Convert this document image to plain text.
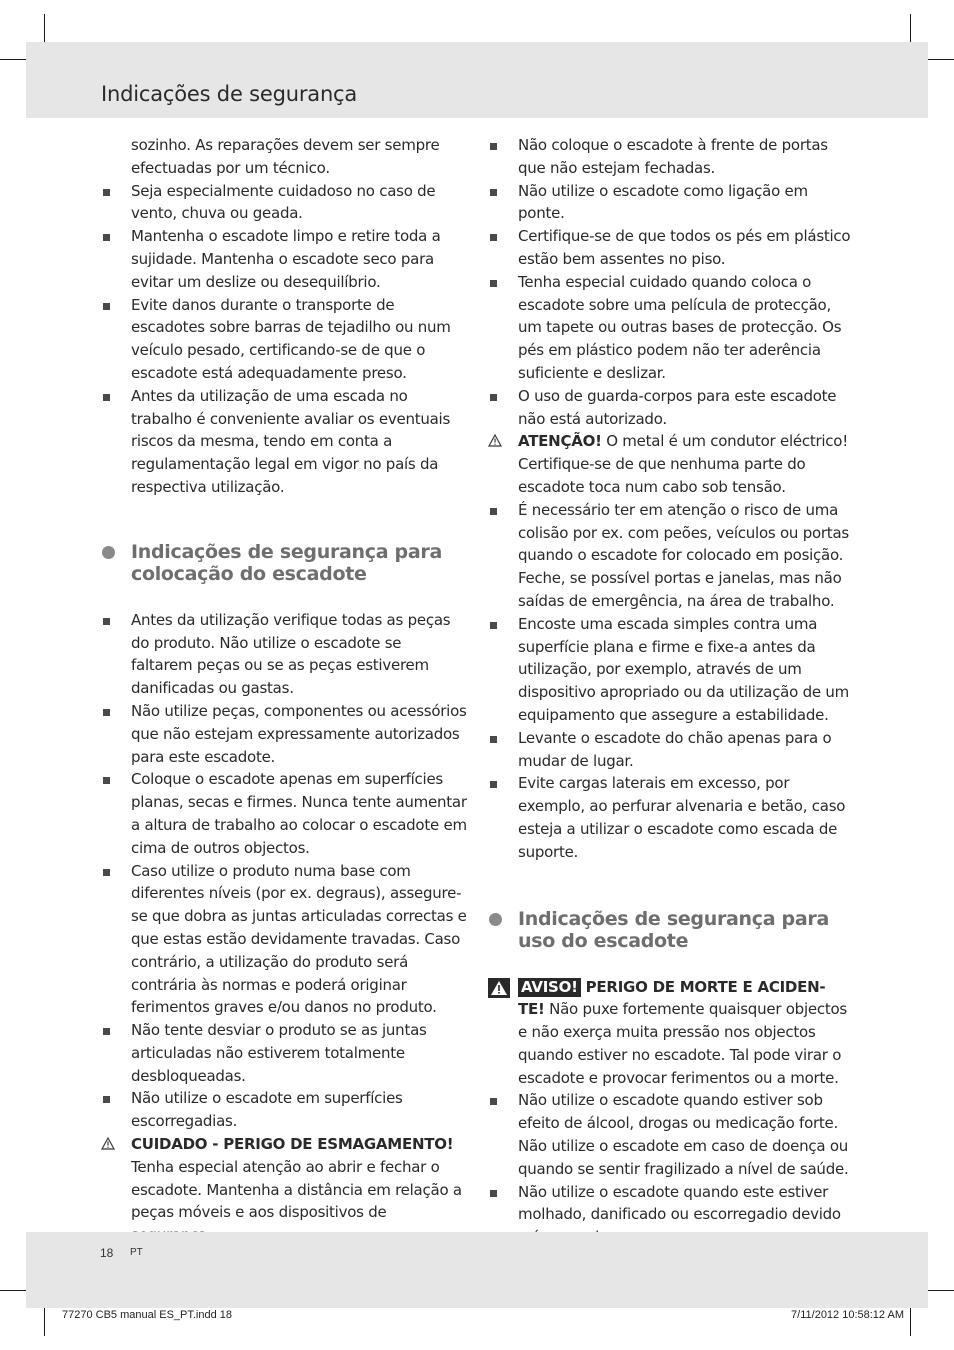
Indicações de segurança
sozinho. As reparações devem ser sempre efectuadas por um técnico.
Seja especialmente cuidadoso no caso de vento, chuva ou geada.
Mantenha o escadote limpo e retire toda a sujidade. Mantenha o escadote seco para evitar um deslize ou desequilíbrio.
Evite danos durante o transporte de escadotes sobre barras de tejadilho ou num veículo pesado, certificando-se de que o escadote está adequadamente preso.
Antes da utilização de uma escada no trabalho é conveniente avaliar os eventuais riscos da mesma, tendo em conta a regulamentação legal em vigor no país da respectiva utilização.
Indicações de segurança para colocação do escadote
Antes da utilização verifique todas as peças do produto. Não utilize o escadote se faltarem peças ou se as peças estiverem danificadas ou gastas.
Não utilize peças, componentes ou acessórios que não estejam expressamente autorizados para este escadote.
Coloque o escadote apenas em superfícies planas, secas e firmes. Nunca tente aumentar a altura de trabalho ao colocar o escadote em cima de outros objectos.
Caso utilize o produto numa base com diferentes níveis (por ex. degraus), assegure-se que dobra as juntas articuladas correctas e que estas estão devidamente travadas. Caso contrário, a utilização do produto será contrária às normas e poderá originar ferimentos graves e/ou danos no produto.
Não tente desviar o produto se as juntas articuladas não estiverem totalmente desbloqueadas.
Não utilize o escadote em superfícies escorregadias.
CUIDADO - PERIGO DE ESMAGAMENTO!
Tenha especial atenção ao abrir e fechar o escadote. Mantenha a distância em relação a peças móveis e aos dispositivos de
Não coloque o escadote à frente de portas que não estejam fechadas.
Não utilize o escadote como ligação em ponte.
Certifique-se de que todos os pés em plástico estão bem assentes no piso.
Tenha especial cuidado quando coloca o escadote sobre uma película de protecção, um tapete ou outras bases de protecção. Os pés em plástico podem não ter aderência suficiente e deslizar.
O uso de guarda-corpos para este escadote não está autorizado.
ATENÇÃO! O metal é um condutor eléctrico! Certifique-se de que nenhuma parte do escadote toca num cabo sob tensão.
É necessário ter em atenção o risco de uma colisão por ex. com peões, veículos ou portas quando o escadote for colocado em posição. Feche, se possível portas e janelas, mas não saídas de emergência, na área de trabalho.
Encoste uma escada simples contra uma superfície plana e firme e fixe-a antes da utilização, por exemplo, através de um dispositivo apropriado ou da utilização de um equipamento que assegure a estabilidade.
Levante o escadote do chão apenas para o mudar de lugar.
Evite cargas laterais em excesso, por exemplo, ao perfurar alvenaria e betão, caso esteja a utilizar o escadote como escada de suporte.
Indicações de segurança para uso do escadote
AVISO! PERIGO DE MORTE E ACIDEN- TE! Não puxe fortemente quaisquer objectos e não exerça muita pressão nos objectos quando estiver no escadote. Tal pode virar o escadote e provocar ferimentos ou a morte.
Não utilize o escadote quando estiver sob efeito de álcool, drogas ou medicação forte. Não utilize o escadote em caso de doença ou quando se sentir fragilizado a nível de saúde.
Não utilize o escadote quando este estiver molhado, danificado ou escorregadio devido
18 PT
77270 CB5 manual ES_PT.indd 18	7/11/2012 10:58:12 AM
